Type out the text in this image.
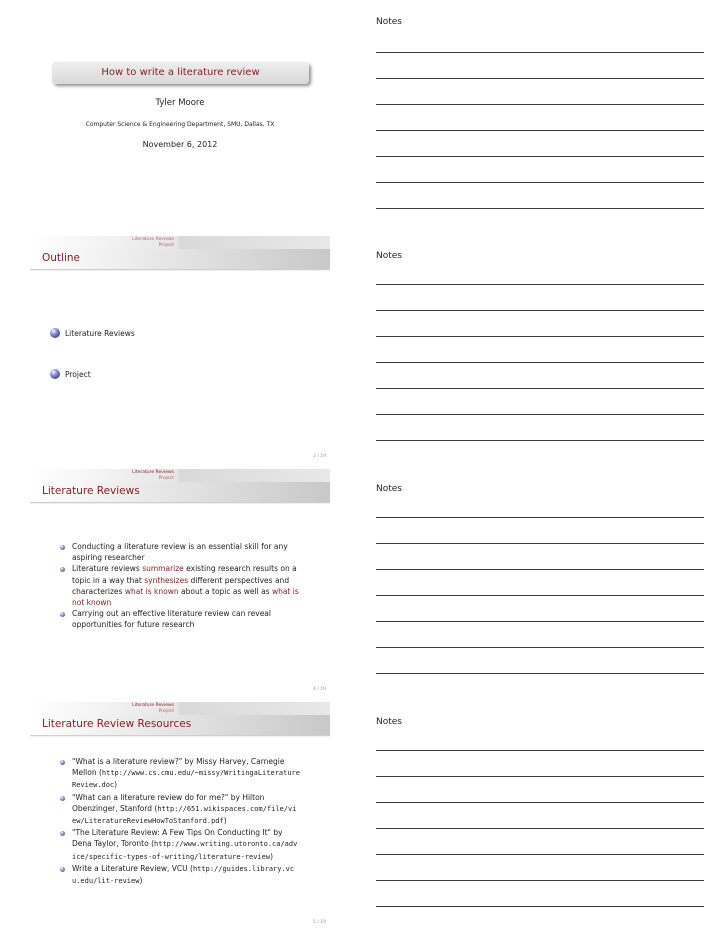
How to write a literature review
Tyler Moore
Computer Science & Engineering Department, SMU, Dallas, TX
November 6, 2012
Notes
Literature Reviews
Project
Outline
Literature Reviews
Project
2 / 19
Notes
Literature Reviews
Project
Literature Reviews
Conducting a literature review is an essential skill for any aspiring researcher
Literature reviews summarize existing research results on a topic in a way that synthesizes different perspectives and characterizes what is known about a topic as well as what is not known
Carrying out an effective literature review can reveal opportunities for future research
4 / 19
Notes
Literature Reviews
Project
Literature Review Resources
"What is a literature review?" by Missy Harvey, Carnegie Mellon (http://www.cs.cmu.edu/~missy/WritingaLiteratureReview.doc)
"What can a literature review do for me?" by Hilton Obenzinger, Stanford (http://651.wikispaces.com/file/view/LiteratureReviewHowToStanford.pdf)
"The Literature Review: A Few Tips On Conducting It" by Dena Taylor, Toronto (http://www.writing.utoronto.ca/advice/specific-types-of-writing/literature-review)
Write a Literature Review, VCU (http://guides.library.vcu.edu/lit-review)
5 / 19
Notes
